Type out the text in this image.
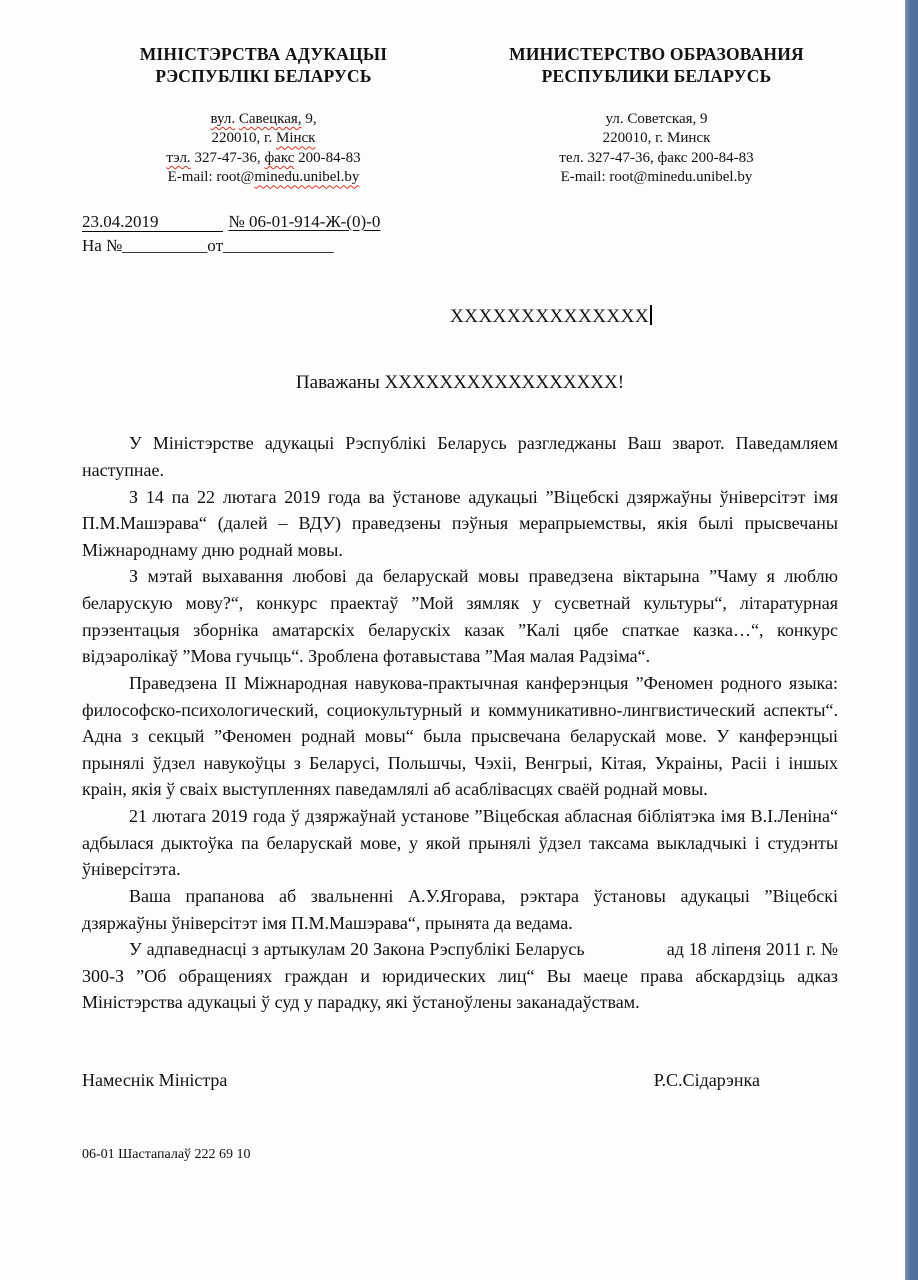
МІНІСТЭРСТВА АДУКАЦЫІ
РЭСПУБЛІКІ БЕЛАРУСЬ
вул. Савецкая, 9,
220010, г. Мінск
тэл. 327-47-36, факс 200-84-83
E-mail: root@minedu.unibel.by
МИНИСТЕРСТВО ОБРАЗОВАНИЯ
РЕСПУБЛИКИ БЕЛАРУСЬ
ул. Советская, 9
220010, г. Минск
тел. 327-47-36, факс 200-84-83
E-mail: root@minedu.unibel.by
23.04.2019	№ 06-01-914-Ж-(0)-0
На №__________от_____________
ХХХХХХХХХХХХХХ
Паважаны ХХХХХХХХХХХХХХХХХ!

У Міністэрстве адукацыі Рэспублікі Беларусь разгледжаны Ваш зварот. Паведамляем наступнае.

З 14 па 22 лютага 2019 года ва ўстанове адукацыі ”Віцебскі дзяржаўны ўніверсітэт імя П.М.Машэрава“ (далей – ВДУ) праведзены пэўныя мерапрыемствы, якія былі прысвечаны Міжнароднаму дню роднай мовы.

З мэтай выхавання любові да беларускай мовы праведзена віктарына ”Чаму я люблю беларускую мову?“, конкурс праектаў ”Мой зямляк у сусветнай культуры“, літаратурная прэзентацыя зборніка аматарскіх беларускіх казак ”Калі цябе спаткае казка…“, конкурс відэаролікаў ”Мова гучыць“. Зроблена фотавыстава ”Мая малая Радзіма“.

Праведзена II Міжнародная навукова-практычная канферэнцыя ”Феномен родного языка: философско-психологический, социокультурный и коммуникативно-лингвистический аспекты“. Адна з секцый ”Феномен роднай мовы“ была прысвечана беларускай мове. У канферэнцыі прынялі ўдзел навукоўцы з Беларусі, Польшчы, Чэхіі, Венгрыі, Кітая, Украіны, Расіі і іншых краін, якія ў сваіх выступленнях паведамлялі аб асаблівасцях сваёй роднай мовы.

21 лютага 2019 года ў дзяржаўнай установе ”Віцебская абласная бібліятэка імя В.І.Леніна“ адбылася дыктоўка па беларускай мове, у якой прынялі ўдзел таксама выкладчыкі і студэнты ўніверсітэта.

Ваша прапанова аб звальненні А.У.Ягорава, рэктара ўстановы адукацыі ”Віцебскі дзяржаўны ўніверсітэт імя П.М.Машэрава“, прынята да ведама.

У адпаведнасці з артыкулам 20 Закона Рэспублікі Беларусь                 ад 18 ліпеня 2011 г. № 300-З ”Об обращениях граждан и юридических лиц“ Вы маеце права абскардзіць адказ Міністэрства адукацыі ў суд у парадку, які ўстаноўлены заканадаўствам.

Намеснік Міністра	Р.С.Сідарэнка
06-01 Шастапалаў 222 69 10
